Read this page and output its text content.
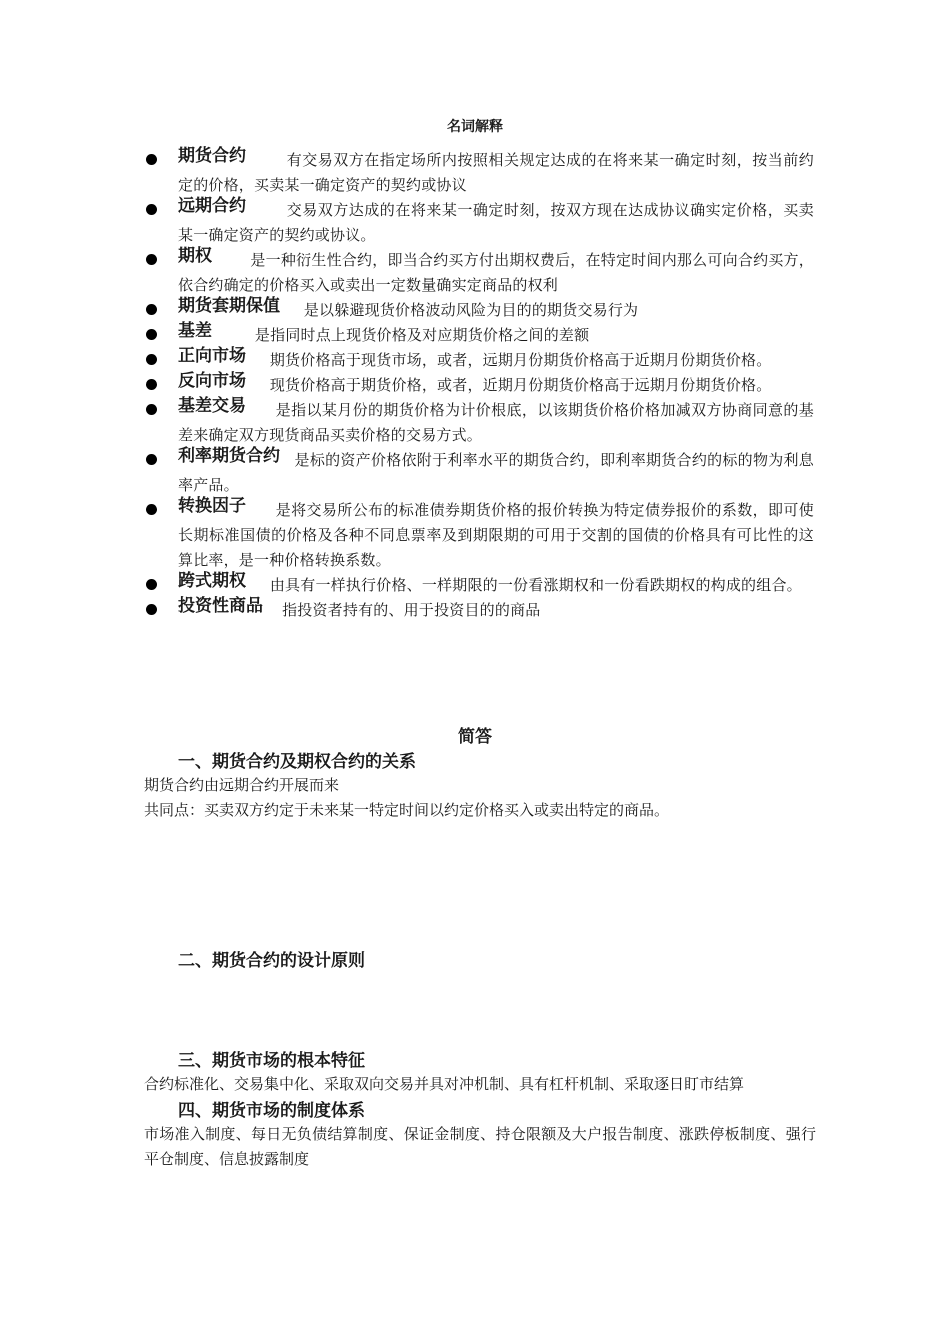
名词解释
期货合约	有交易双方在指定场所内按照相关规定达成的在将来某一确定时刻，按当前约定的价格，买卖某一确定资产的契约或协议
远期合约	交易双方达成的在将来某一确定时刻，按双方现在达成协议确实定价格，买卖某一确定资产的契约或协议。
期权	是一种衍生性合约，即当合约买方付出期权费后，在特定时间内那么可向合约买方，依合约确定的价格买入或卖出一定数量确实定商品的权利
期货套期保值 是以躲避现货价格波动风险为目的的期货交易行为
基差	是指同时点上现货价格及对应期货价格之间的差额
正向市场 期货价格高于现货市场，或者，远期月份期货价格高于近期月份期货价格。
反向市场 现货价格高于期货价格，或者，近期月份期货价格高于远期月份期货价格。
基差交易 是指以某月份的期货价格为计价根底，以该期货价格价格加减双方协商同意的基差来确定双方现货商品买卖价格的交易方式。
利率期货合约 是标的资产价格依附于利率水平的期货合约，即利率期货合约的标的物为利息率产品。
转换因子 是将交易所公布的标准债券期货价格的报价转换为特定债券报价的系数，即可使长期标准国债的价格及各种不同息票率及到期限期的可用于交割的国债的价格具有可比性的这算比率，是一种价格转换系数。
跨式期权 由具有一样执行价格、一样期限的一份看涨期权和一份看跌期权的构成的组合。
投资性商品 指投资者持有的、用于投资目的的商品
简答
一、期货合约及期权合约的关系

期货合约由远期合约开展而来

共同点：买卖双方约定于未来某一特定时间以约定价格买入或卖出特定的商品。

二、期货合约的设计原则
三、期货市场的根本特征

合约标准化、交易集中化、采取双向交易并具对冲机制、具有杠杆机制、采取逐日盯市结算

四、期货市场的制度体系

市场准入制度、每日无负债结算制度、保证金制度、持仓限额及大户报告制度、涨跌停板制度、强行平仓制度、信息披露制度
